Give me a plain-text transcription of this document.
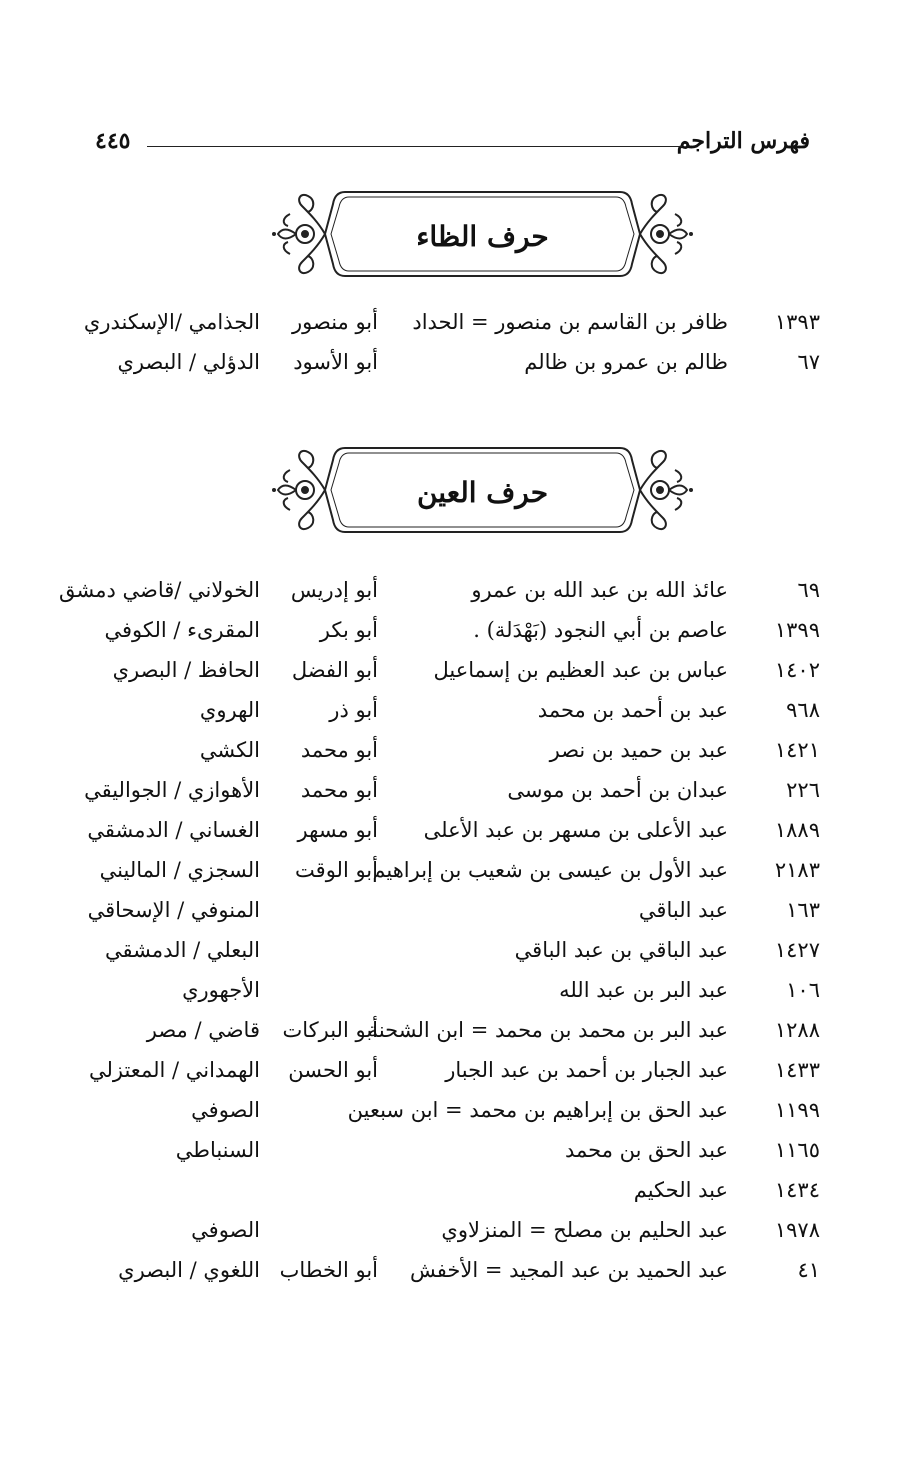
فهرس التراجم
٤٤٥
حرف الظاء
١٣٩٣
ظافر بن القاسم بن منصور = الحداد
أبو منصور
الجذامي /الإسكندري
٦٧
ظالم بن عمرو بن ظالم
أبو الأسود
الدؤلي / البصري
حرف العين
٦٩
عائذ الله بن عبد الله بن عمرو
أبو إدريس
الخولاني /قاضي دمشق
١٣٩٩
عاصم بن أبي النجود (بَهْدَلة) .
أبو بكر
المقرىء / الكوفي
١٤٠٢
عباس بن عبد العظيم بن إسماعيل
أبو الفضل
الحافظ / البصري
٩٦٨
عبد بن أحمد بن محمد
أبو ذر
الهروي
١٤٢١
عبد بن حميد بن نصر
أبو محمد
الكشي
٢٢٦
عبدان بن أحمد بن موسى
أبو محمد
الأهوازي / الجواليقي
١٨٨٩
عبد الأعلى بن مسهر بن عبد الأعلى
أبو مسهر
الغساني / الدمشقي
٢١٨٣
عبد الأول بن عيسى بن شعيب بن إبراهيم
أبو الوقت
السجزي / الماليني
١٦٣
عبد الباقي
المنوفي / الإسحاقي
١٤٢٧
عبد الباقي بن عبد الباقي
البعلي / الدمشقي
١٠٦
عبد البر بن عبد الله
الأجهوري
١٢٨٨
عبد البر بن محمد بن محمد = ابن الشحنة
أبو البركات
قاضي / مصر
١٤٣٣
عبد الجبار بن أحمد بن عبد الجبار
أبو الحسن
الهمداني / المعتزلي
١١٩٩
عبد الحق بن إبراهيم بن محمد = ابن سبعين
الصوفي
١١٦٥
عبد الحق بن محمد
السنباطي
١٤٣٤
عبد الحكيم
١٩٧٨
عبد الحليم بن مصلح = المنزلاوي
الصوفي
٤١
عبد الحميد بن عبد المجيد = الأخفش
أبو الخطاب
اللغوي / البصري
